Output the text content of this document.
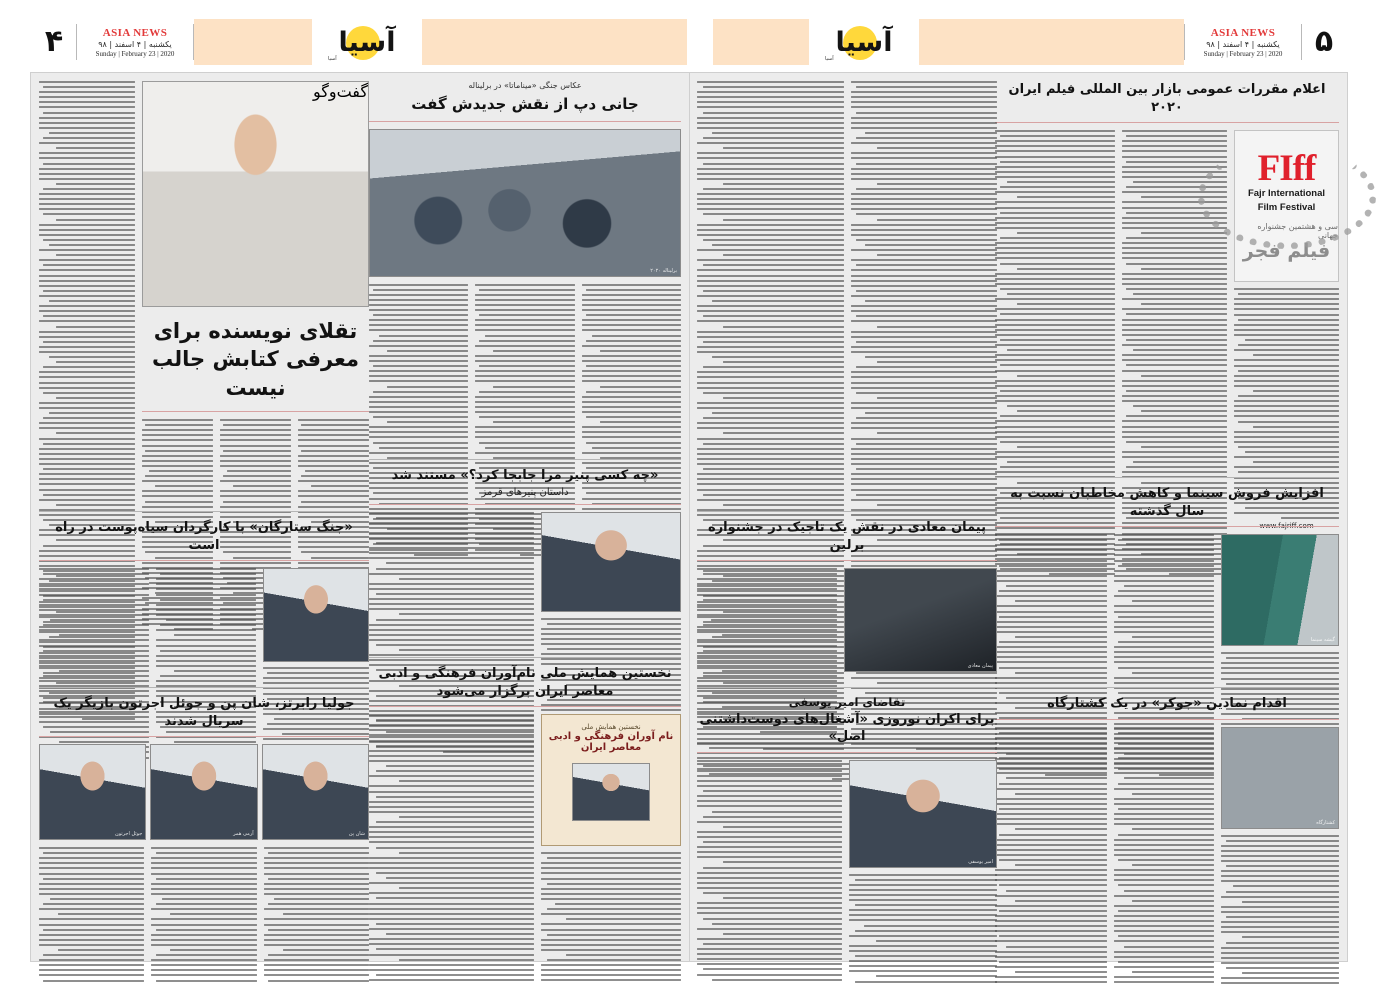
۴	ASIA NEWS
یکشنبه | ۴ اسفند | ۹۸
Sunday | February 23 | 2020	آسیا
آسیا
آسیا
آسیا
ASIA NEWS
یکشنبه | ۴ اسفند | ۹۸
Sunday | February 23 | 2020	۵
اعلام مقررات عمومی بازار بین المللی فیلم ایران ۲۰۲۰
FIff
Fajr International
Film Festival
سی و هشتمین جشنواره جهانی
فیلم فجر
www.fajriff.com
افزایش فروش سینما و کاهش مخاطبان نسبت به سال گذشته
گیشه سینما
اقدام نمادین «جوکر» در یک کشتارگاه
کشتارگاه
پیمان معادی در نقش یک تاجیک در جشنواره برلین
پیمان معادی
تقاضای امیر یوسفی
برای اکران نوروزی «آشغال‌های دوست‌داشتنی اصل»
امیر یوسفی
عکاس جنگی «میناماتا» در برلیناله
جانی دپ از نقش جدیدش گفت
برلیناله ۲۰۲۰
«چه کسی پنیر مرا جابجا کرد؟» مستند شد
داستان پنیرهای قرمز
نخستین همایش ملی نام‌آوران فرهنگی و ادبی معاصر ایران برگزار می‌شود
نخستین همایش ملی
نام آوران فرهنگی و ادبی معاصر ایران
گفت‌وگو
تقلای نویسنده برای معرفی کتابش جالب نیست
«جنگ ستارگان» با کارگردان سیاه‌پوست در راه است
جولیا رابرتز، شان پن و جوئل اجرتون بازیگر یک سریال شدند
شان پن
آرمی همر
جوئل اجرتون
